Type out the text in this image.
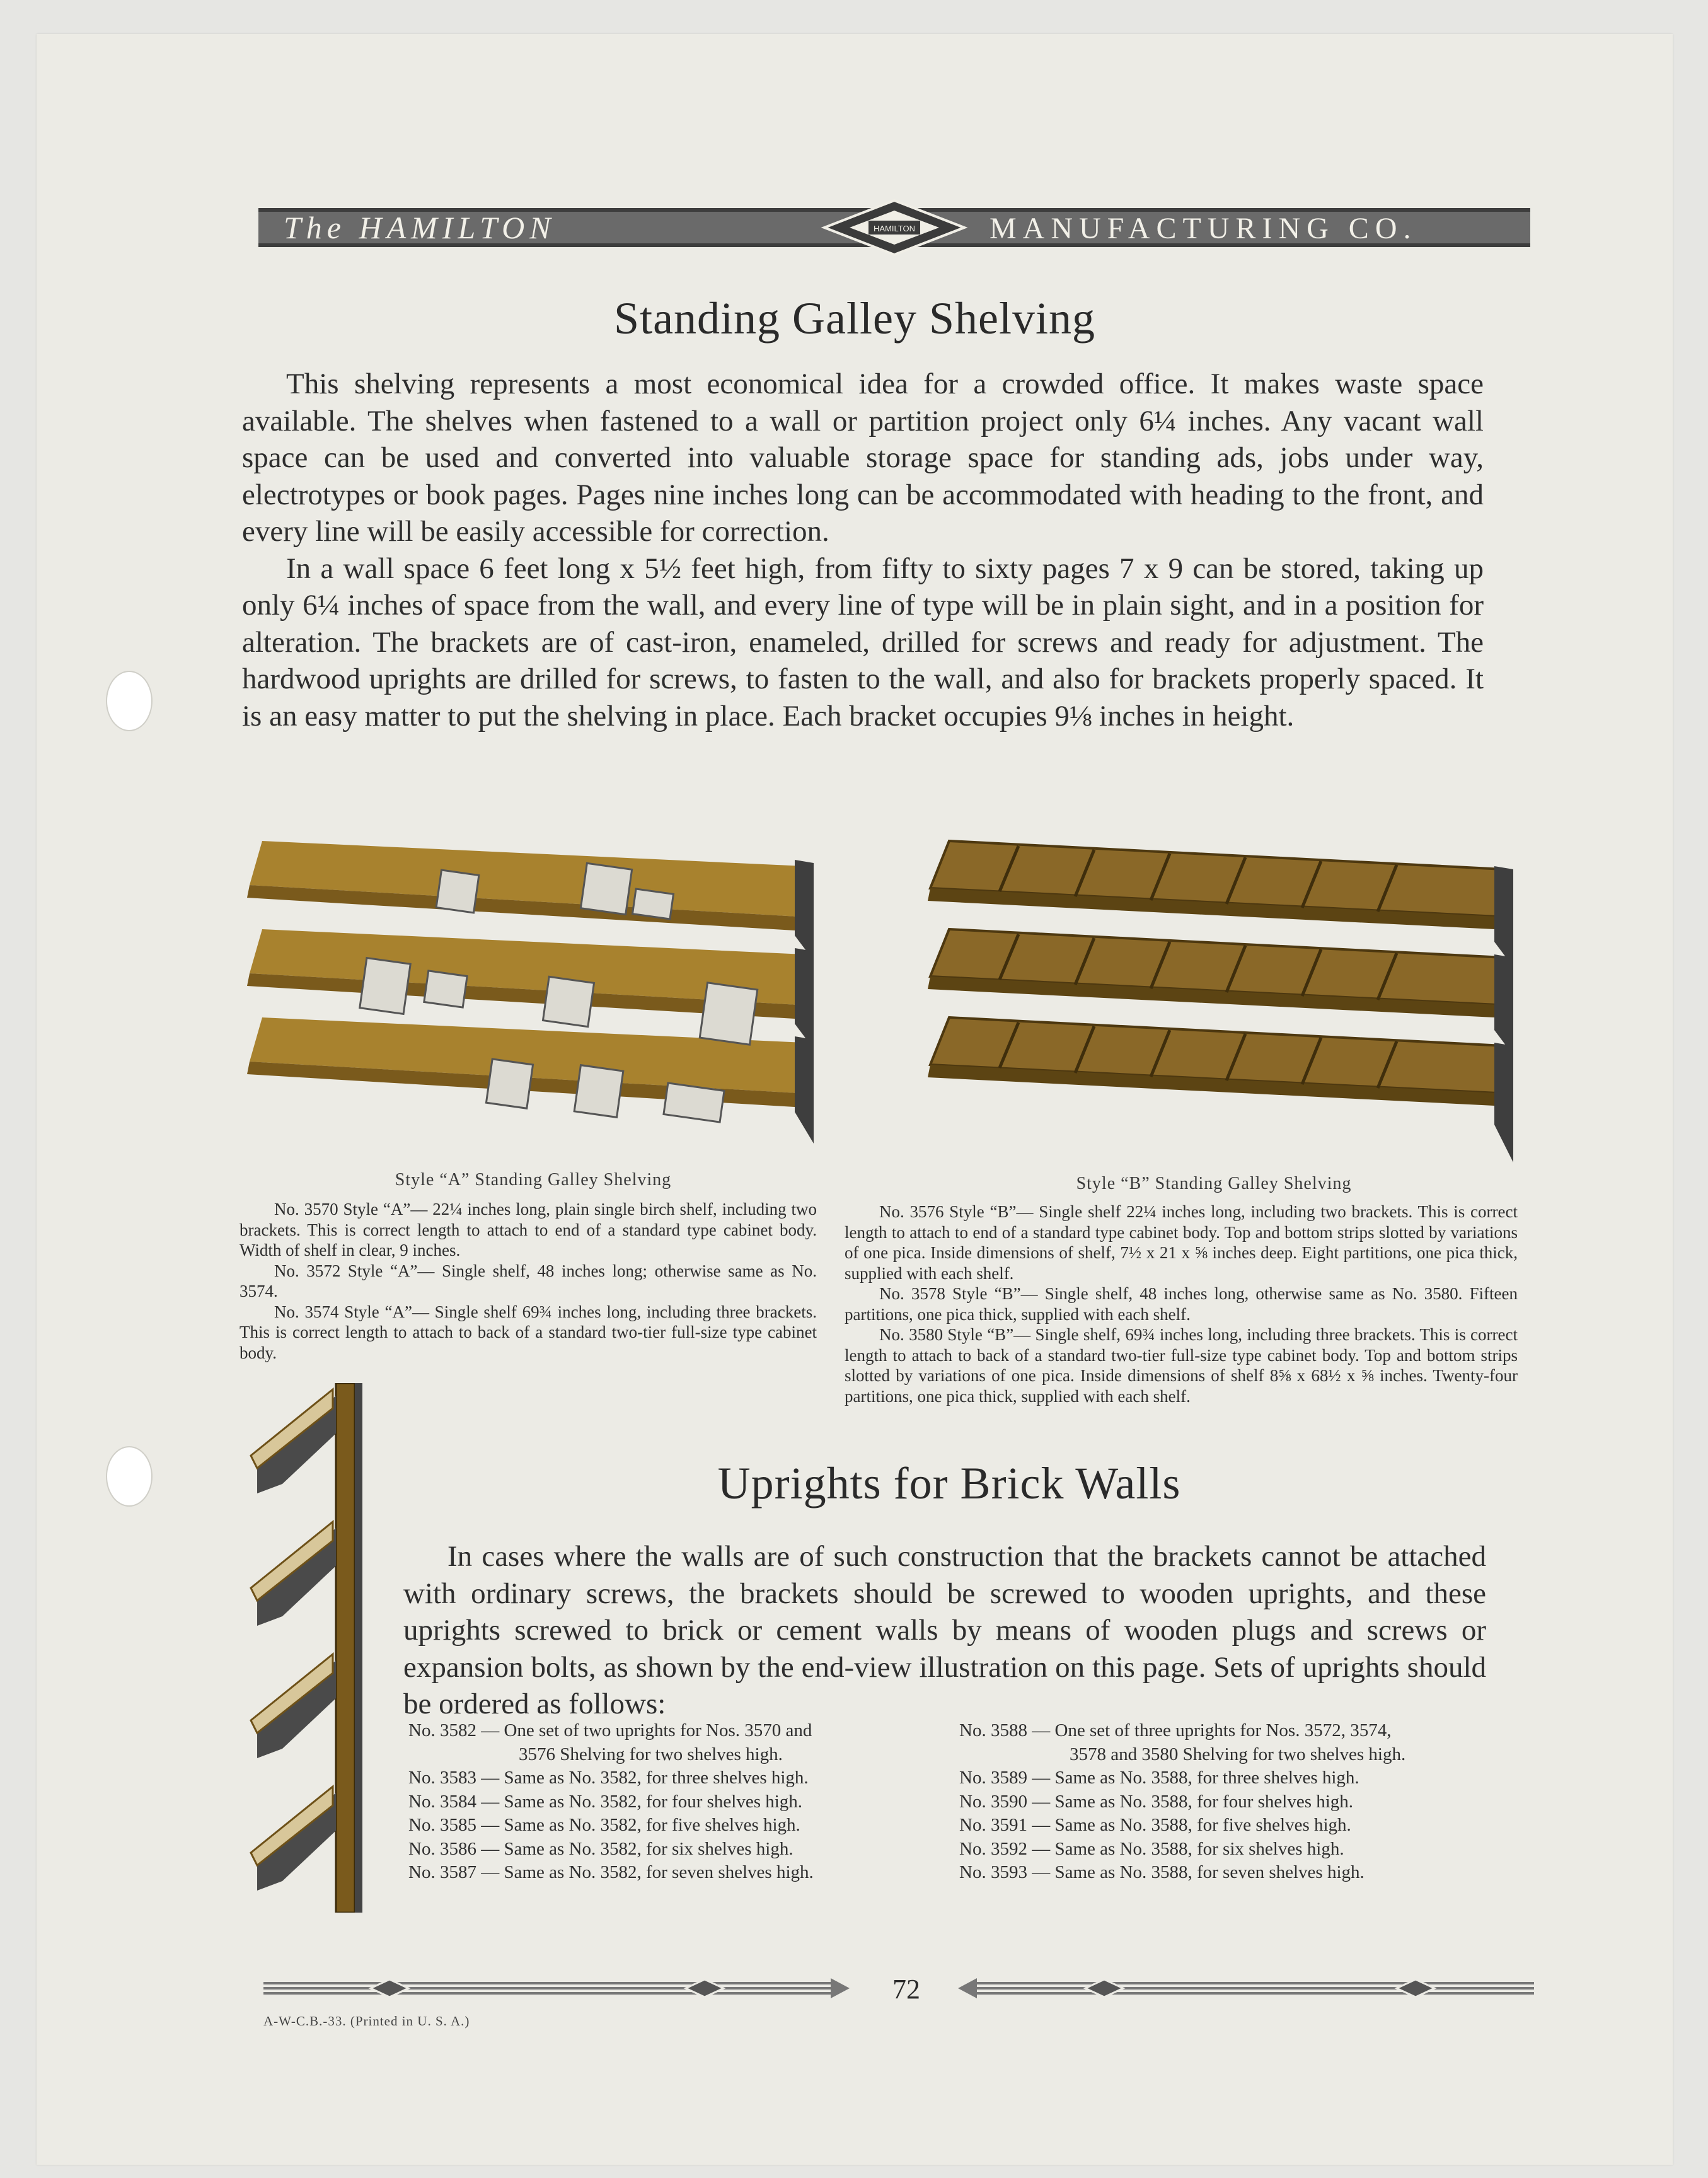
The HAMILTON	HAMILTON MANUFACTURING CO.
Standing Galley Shelving

This shelving represents a most economical idea for a crowded office. It makes waste space available. The shelves when fastened to a wall or partition project only 6¼ inches. Any vacant wall space can be used and converted into valuable storage space for standing ads, jobs under way, electrotypes or book pages. Pages nine inches long can be accommodated with heading to the front, and every line will be easily accessible for correction.

In a wall space 6 feet long x 5½ feet high, from fifty to sixty pages 7 x 9 can be stored, taking up only 6¼ inches of space from the wall, and every line of type will be in plain sight, and in a position for alteration. The brackets are of cast-iron, enameled, drilled for screws and ready for adjustment. The hardwood uprights are drilled for screws, to fasten to the wall, and also for brackets properly spaced. It is an easy matter to put the shelving in place. Each bracket occupies 9⅛ inches in height.

Style “A” Standing Galley Shelving	Style “B” Standing Galley Shelving

No. 3570 Style “A”— 22¼ inches long, plain single birch shelf, including two brackets. This is correct length to attach to end of a standard type cabinet body. Width of shelf in clear, 9 inches.

No. 3572 Style “A”— Single shelf, 48 inches long; otherwise same as No. 3574.

No. 3574 Style “A”— Single shelf 69¾ inches long, including three brackets. This is correct length to attach to back of a standard two-tier full-size type cabinet body.

No. 3576 Style “B”— Single shelf 22¼ inches long, including two brackets. This is correct length to attach to end of a standard type cabinet body. Top and bottom strips slotted by variations of one pica. Inside dimensions of shelf, 7½ x 21 x ⅝ inches deep. Eight partitions, one pica thick, supplied with each shelf.

No. 3578 Style “B”— Single shelf, 48 inches long, otherwise same as No. 3580. Fifteen partitions, one pica thick, supplied with each shelf.

No. 3580 Style “B”— Single shelf, 69¾ inches long, including three brackets. This is correct length to attach to back of a standard two-tier full-size type cabinet body. Top and bottom strips slotted by variations of one pica. Inside dimensions of shelf 8⅝ x 68½ x ⅝ inches. Twenty-four partitions, one pica thick, supplied with each shelf.

Uprights for Brick Walls

In cases where the walls are of such construction that the brackets cannot be attached with ordinary screws, the brackets should be screwed to wooden uprights, and these uprights screwed to brick or cement walls by means of wooden plugs and screws or expansion bolts, as shown by the end-view illustration on this page. Sets of uprights should be ordered as follows:

No. 3582 — One set of two uprights for Nos. 3570 and
3576 Shelving for two shelves high.
No. 3583 — Same as No. 3582, for three shelves high.
No. 3584 — Same as No. 3582, for four shelves high.
No. 3585 — Same as No. 3582, for five shelves high.
No. 3586 — Same as No. 3582, for six shelves high.
No. 3587 — Same as No. 3582, for seven shelves high.
No. 3588 — One set of three uprights for Nos. 3572, 3574,
3578 and 3580 Shelving for two shelves high.
No. 3589 — Same as No. 3588, for three shelves high.
No. 3590 — Same as No. 3588, for four shelves high.
No. 3591 — Same as No. 3588, for five shelves high.
No. 3592 — Same as No. 3588, for six shelves high.
No. 3593 — Same as No. 3588, for seven shelves high.
72
A-W-C.B.-33. (Printed in U. S. A.)
